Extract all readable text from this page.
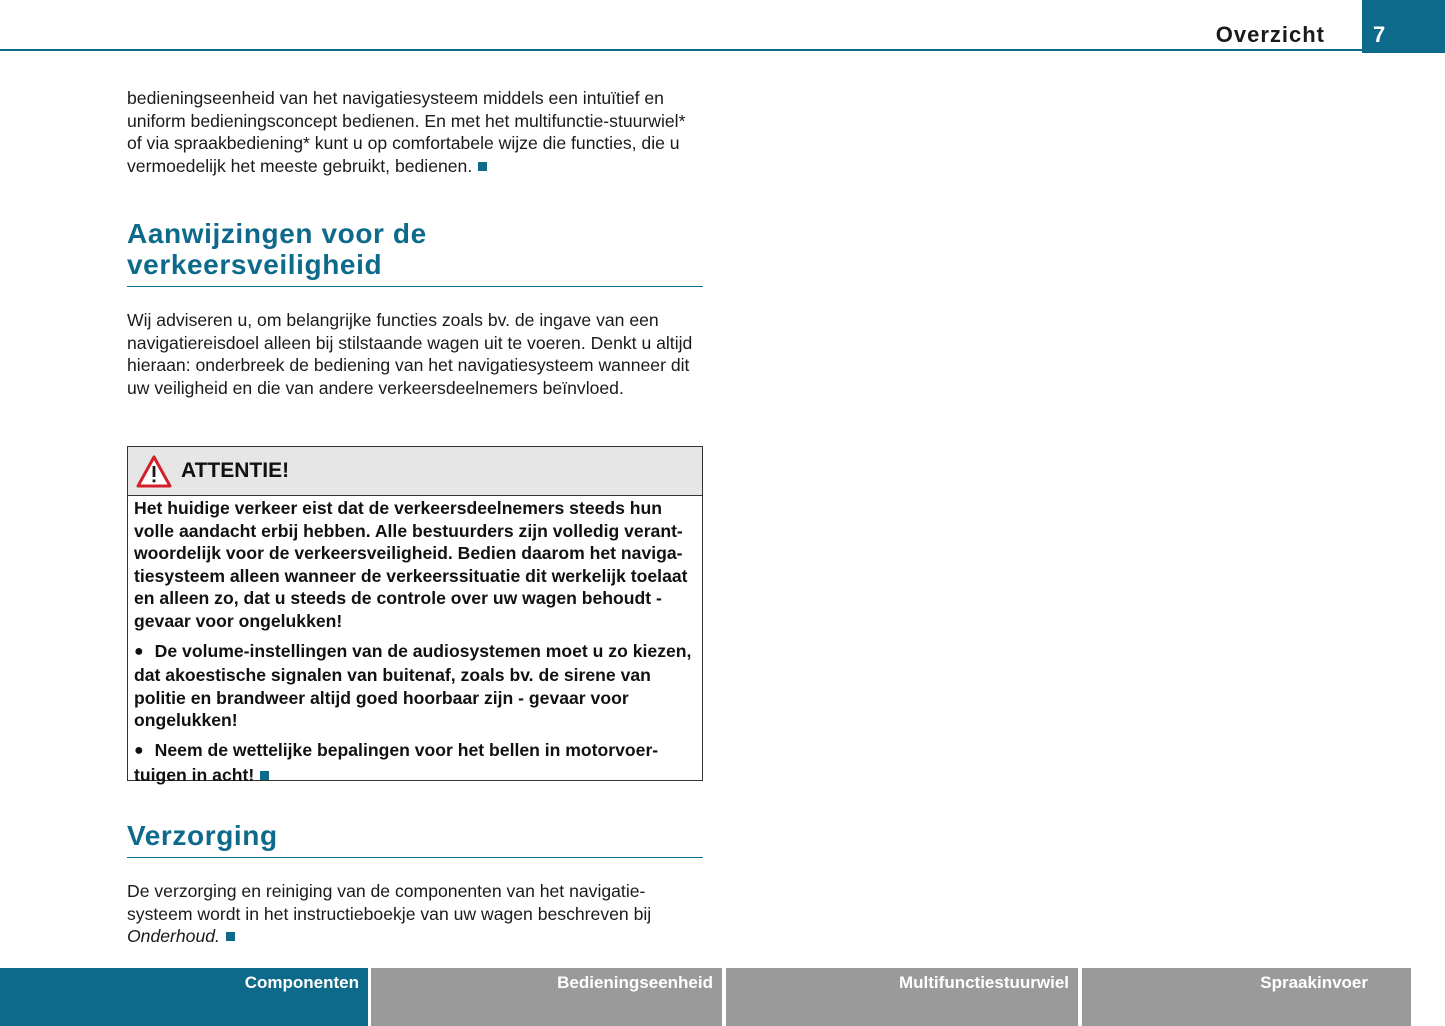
Overzicht	7

bedieningseenheid van het navigatiesysteem middels een intuïtief en uniform bedieningsconcept bedienen. En met het multifunctie-stuurwiel* of via spraakbediening* kunt u op comfortabele wijze die functies, die u vermoedelijk het meeste gebruikt, bedienen.

Aanwijzingen voor de
verkeersveiligheid

Wij adviseren u, om belangrijke functies zoals bv. de ingave van een navigatiereisdoel alleen bij stilstaande wagen uit te voeren. Denkt u altijd hieraan: onderbreek de bediening van het navigatiesysteem wanneer dit uw veiligheid en die van andere verkeersdeelnemers beïnvloed.

ATTENTIE!

Het huidige verkeer eist dat de verkeersdeelnemers steeds hun volle aandacht erbij hebben. Alle bestuurders zijn volledig verant-woordelijk voor de verkeersveiligheid. Bedien daarom het naviga-tiesysteem alleen wanneer de verkeerssituatie dit werkelijk toelaat en alleen zo, dat u steeds de controle over uw wagen behoudt - gevaar voor ongelukken!

● De volume-instellingen van de audiosystemen moet u zo kiezen, dat akoestische signalen van buitenaf, zoals bv. de sirene van politie en brandweer altijd goed hoorbaar zijn - gevaar voor ongelukken!

● Neem de wettelijke bepalingen voor het bellen in motorvoer-tuigen in acht!

Verzorging

De verzorging en reiniging van de componenten van het navigatie-systeem wordt in het instructieboekje van uw wagen beschreven bij Onderhoud.

Componenten	Bedieningseenheid	Multifunctiestuurwiel	Spraakinvoer
